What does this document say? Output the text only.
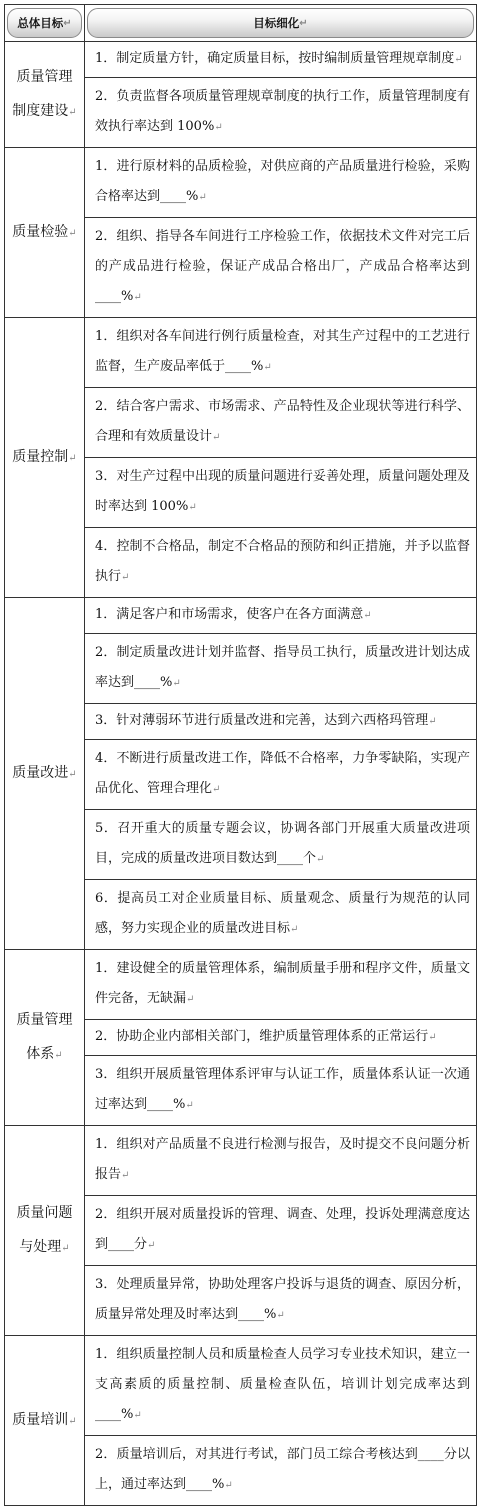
总体目标 ↵	目标细化 ↵

质量管理制度建设↵	1．制定质量方针，确定质量目标，按时编制质量管理规章制度↵
	2．负责监督各项质量管理规章制度的执行工作，质量管理制度有效执行率达到 100%↵
质量检验↵	1．进行原材料的品质检验，对供应商的产品质量进行检验，采购合格率达到____%↵
	2．组织、指导各车间进行工序检验工作，依据技术文件对完工后的产成品进行检验，保证产成品合格出厂，产成品合格率达到____%↵
质量控制↵	1．组织对各车间进行例行质量检查，对其生产过程中的工艺进行监督，生产废品率低于____%↵
	2．结合客户需求、市场需求、产品特性及企业现状等进行科学、合理和有效质量设计↵
	3．对生产过程中出现的质量问题进行妥善处理，质量问题处理及时率达到 100%↵
	4．控制不合格品，制定不合格品的预防和纠正措施，并予以监督执行↵
质量改进↵	1．满足客户和市场需求，使客户在各方面满意↵
	2．制定质量改进计划并监督、指导员工执行，质量改进计划达成率达到____%↵
	3．针对薄弱环节进行质量改进和完善，达到六西格玛管理↵
	4．不断进行质量改进工作，降低不合格率，力争零缺陷，实现产品优化、管理合理化↵
	5．召开重大的质量专题会议，协调各部门开展重大质量改进项目，完成的质量改进项目数达到____个↵
	6．提高员工对企业质量目标、质量观念、质量行为规范的认同感，努力实现企业的质量改进目标↵
质量管理体系↵	1．建设健全的质量管理体系，编制质量手册和程序文件，质量文件完备，无缺漏↵
	2．协助企业内部相关部门，维护质量管理体系的正常运行↵
	3．组织开展质量管理体系评审与认证工作，质量体系认证一次通过率达到____%↵
质量问题与处理↵	1．组织对产品质量不良进行检测与报告，及时提交不良问题分析报告↵
	2．组织开展对质量投诉的管理、调查、处理，投诉处理满意度达到____分↵
	3．处理质量异常，协助处理客户投诉与退货的调查、原因分析，质量异常处理及时率达到____%↵
质量培训↵	1．组织质量控制人员和质量检查人员学习专业技术知识，建立一支高素质的质量控制、质量检查队伍，培训计划完成率达到____%↵
	2．质量培训后，对其进行考试，部门员工综合考核达到____分以上，通过率达到____%↵
